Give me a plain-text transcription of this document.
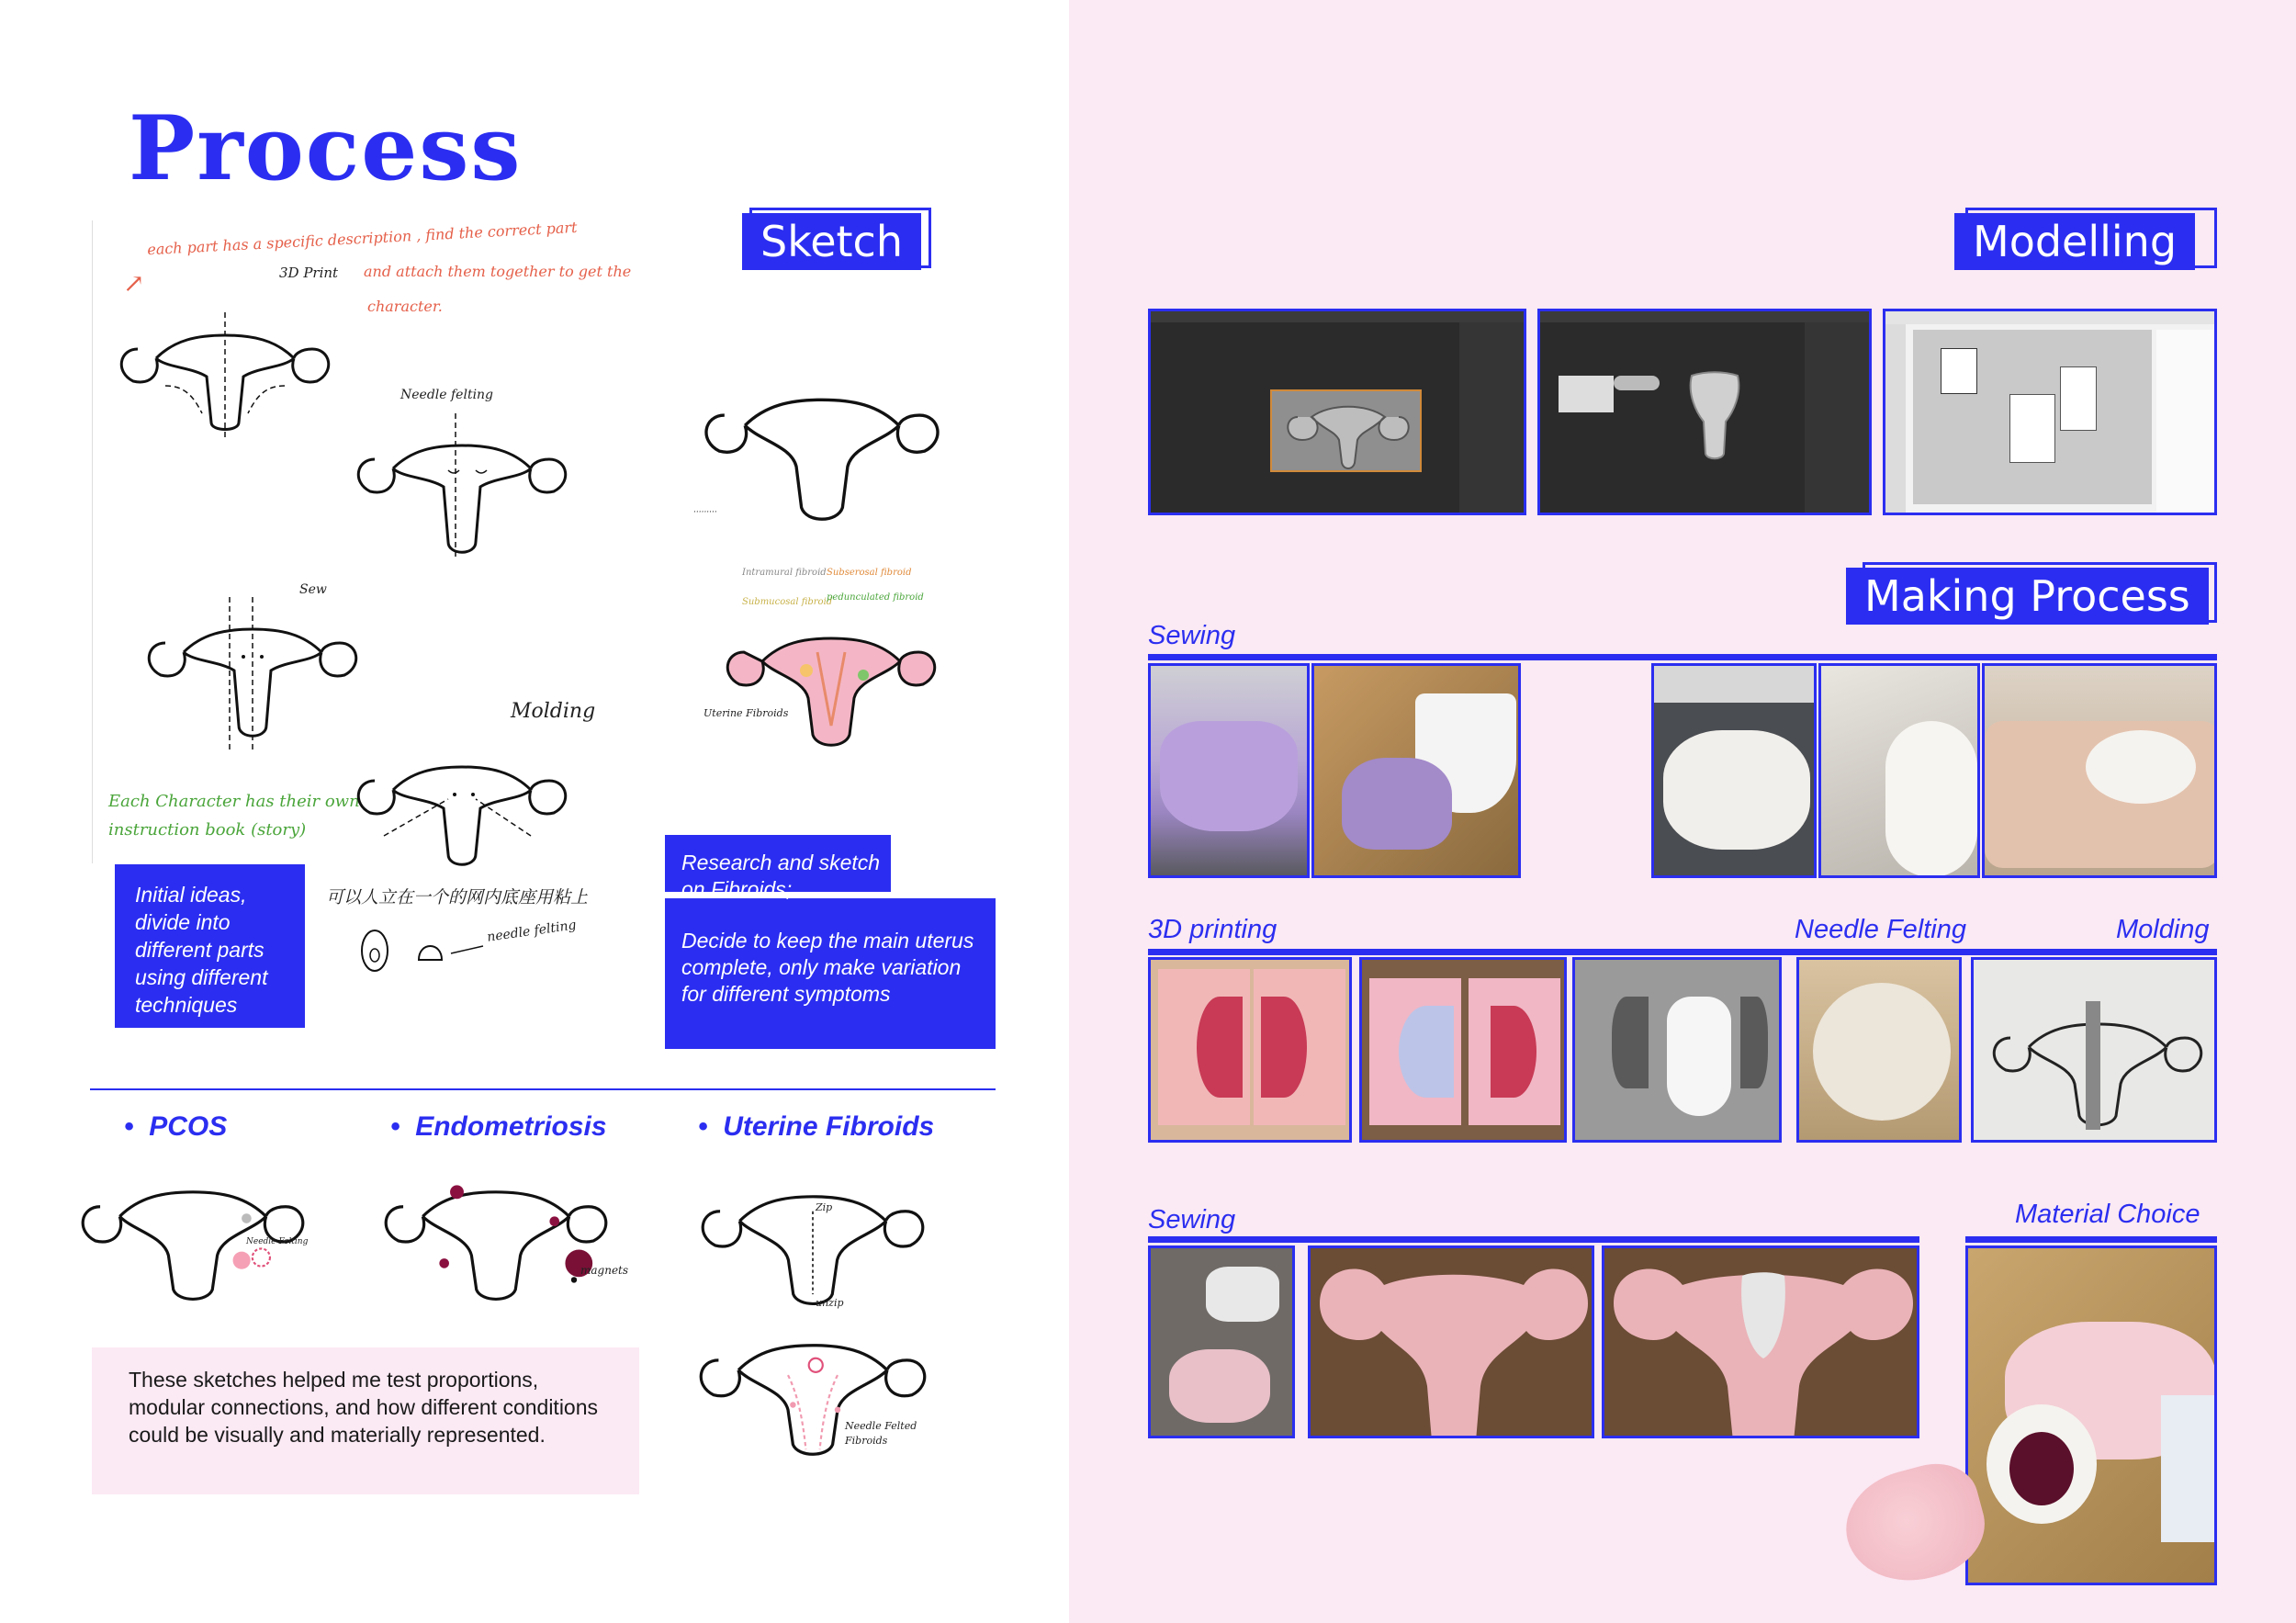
Process
Sketch
each part has a specific description , find the correct part
3D Print and attach them together to get the
character.
↗
Needle felting
Sew
Molding
Each Character has their own
instruction book (story)
可以人立在一个的网内底座用粘上
needle felting
·········
Intramural fibroid Subserosal fibroid
Submucosal fibroid
pedunculated fibroid
Uterine Fibroids
Initial ideas, divide into different parts using different techniques
Research and sketch on Fibroids;
Decide to keep the main uterus complete, only make variation for different symptoms
•  PCOS	•  Endometriosis	•  Uterine Fibroids
Needle Felting
magnets
Zip
unzip
Needle Felted Fibroids
These sketches helped me test proportions, modular connections, and how different conditions could be visually and materially represented.
Modelling
Making Process
Sewing
3D printing	Needle Felting	Molding
Sewing	Material Choice
